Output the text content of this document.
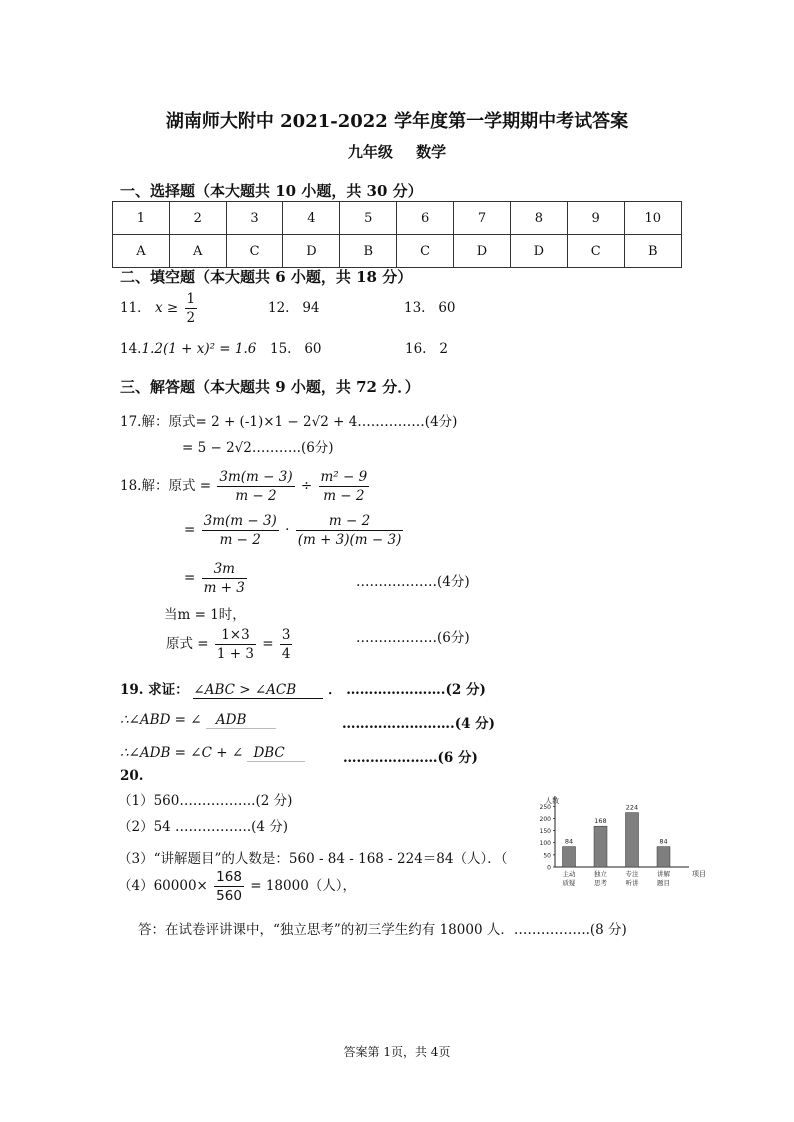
湖南师大附中 2021-2022 学年度第一学期期中考试答案
九年级 数学
一、选择题（本大题共 10 小题，共 30 分）
1	2	3	4	5	6	7	8	9	10
A	A	C	D	B	C	D	D	C	B
二、填空题（本大题共 6 小题，共 18 分）
11． $x \ge \frac{1}{2}$	12.   94	13.   60
14.1.2(1 + x)² = 1.6 15.   60	16.   2
三、解答题（本大题共 9 小题，共 72 分．）
17.解：原式= 2 + (-1)×1 − 2√2 + 4……………(4分)
= 5 − 2√2………..(6分)
18.解：原式 = $\frac{3m(m - 3)}{m - 2} \div \frac{\text{m² − 9}}{m - 2}$
= $\frac{3m(m - 3)}{m - 2} \cdot \frac{m - 2}{(m + 3)(m - 3)}$
= $\frac{3m}{m + 3}$	………………(4分)
当m = 1时，
原式 = $\frac{1\times 3}{1 + 3} = \frac{3}{4}$	………………(6分)
19. 求证： ∠ABC > ∠ACB ． ………………….(2 分)
∴∠ABD = ∠ ADB	…………………….(4 分)
∴∠ADB = ∠C + ∠ DBC	…………………(6 分)
20.
（1）560……………..(2 分)
（2）54 ……………..(4 分)
（3）“讲解题目”的人数是：560 - 84 - 168 - 224＝84（人）．（
$(4)60000\times \frac{168}{560} = 18000$（人），
答：在试卷评讲课中，“独立思考”的初三学生约有 18000 人．……………..(8 分)
人数
项目
0
50
100
150
200
250
84
主动
质疑
168
独立
思考
224
专注
听讲
84
讲解
题目
答案第 1页，共 4页
